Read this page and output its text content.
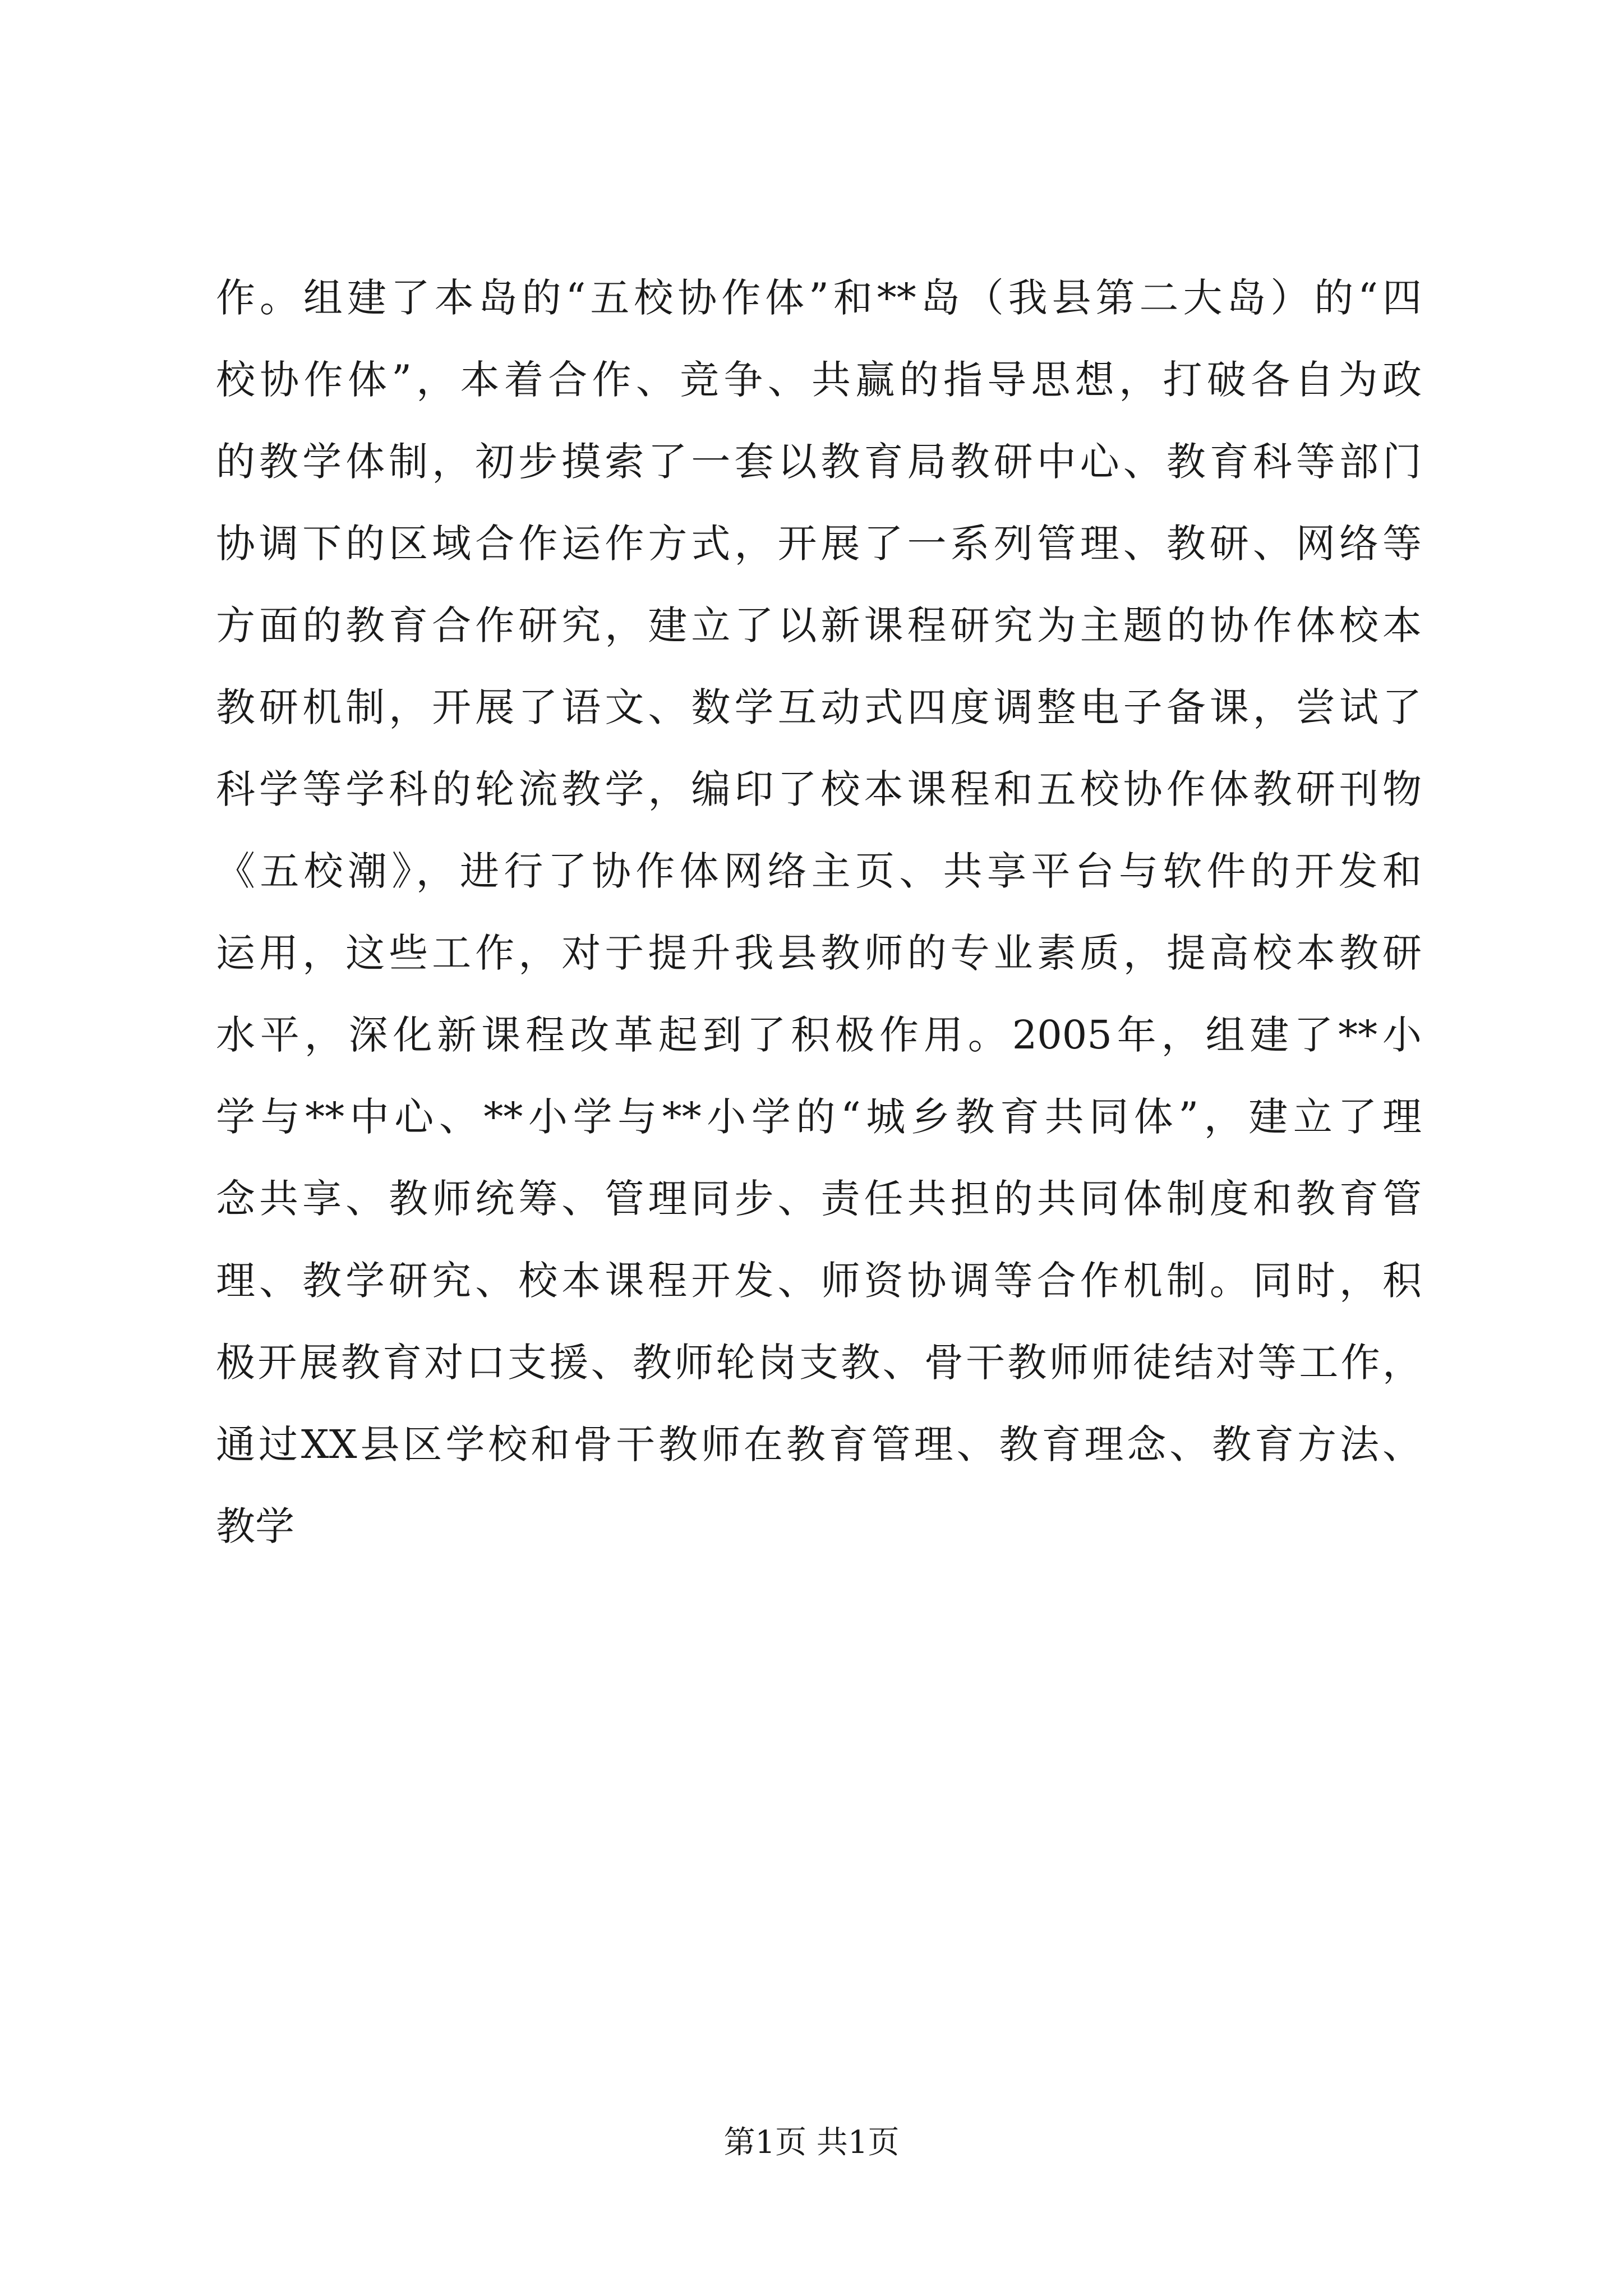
作。组建了本岛的“五校协作体”和**岛（我县第二大岛）的“四
校协作体”，本着合作、竞争、共赢的指导思想，打破各自为政
的教学体制，初步摸索了一套以教育局教研中心、教育科等部门
协调下的区域合作运作方式，开展了一系列管理、教研、网络等
方面的教育合作研究，建立了以新课程研究为主题的协作体校本
教研机制，开展了语文、数学互动式四度调整电子备课，尝试了
科学等学科的轮流教学，编印了校本课程和五校协作体教研刊物
《五校潮》，进行了协作体网络主页、共享平台与软件的开发和
运用，这些工作，对于提升我县教师的专业素质，提高校本教研
水平，深化新课程改革起到了积极作用。2005年，组建了**小
学与**中心、**小学与**小学的“城乡教育共同体”，建立了理
念共享、教师统筹、管理同步、责任共担的共同体制度和教育管
理、教学研究、校本课程开发、师资协调等合作机制。同时，积
极开展教育对口支援、教师轮岗支教、骨干教师师徒结对等工作，
通过XX县区学校和骨干教师在教育管理、教育理念、教育方法、
教学
第1页 共1页
